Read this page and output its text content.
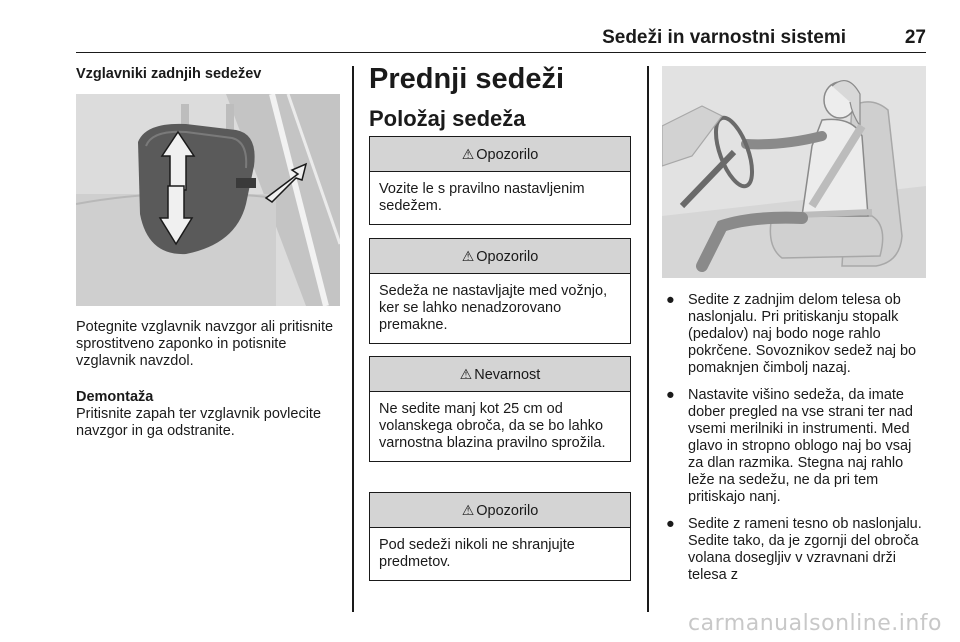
Sedeži in varnostni sistemi	27
Vzglavniki zadnjih sedežev

Potegnite vzglavnik navzgor ali pritisnite sprostitveno zaponko in potisnite vzglavnik navzdol.

Demontaža

Pritisnite zapah ter vzglavnik povlecite navzgor in ga odstranite.

Prednji sedeži
Položaj sedeža
⚠ Opozorilo
Vozite le s pravilno nastavljenim sedežem.
⚠ Opozorilo
Sedeža ne nastavljajte med vožnjo, ker se lahko nenadzorovano premakne.
⚠ Nevarnost
Ne sedite manj kot 25 cm od volanskega obroča, da se bo lahko varnostna blazina pravilno sprožila.
⚠ Opozorilo
Pod sedeži nikoli ne shranjujte predmetov.
● Sedite z zadnjim delom telesa ob naslonjalu. Pri pritiskanju stopalk (pedalov) naj bodo noge rahlo pokrčene. Sovoznikov sedež naj bo pomaknjen čimbolj nazaj.
● Nastavite višino sedeža, da imate dober pregled na vse strani ter nad vsemi merilniki in instrumenti. Med glavo in stropno oblogo naj bo vsaj za dlan razmika. Stegna naj rahlo leže na sedežu, ne da pri tem pritiskajo nanj.
● Sedite z rameni tesno ob naslonjalu. Sedite tako, da je zgornji del obroča volana dosegljiv v vzravnani drži telesa z
carmanualsonline.info
